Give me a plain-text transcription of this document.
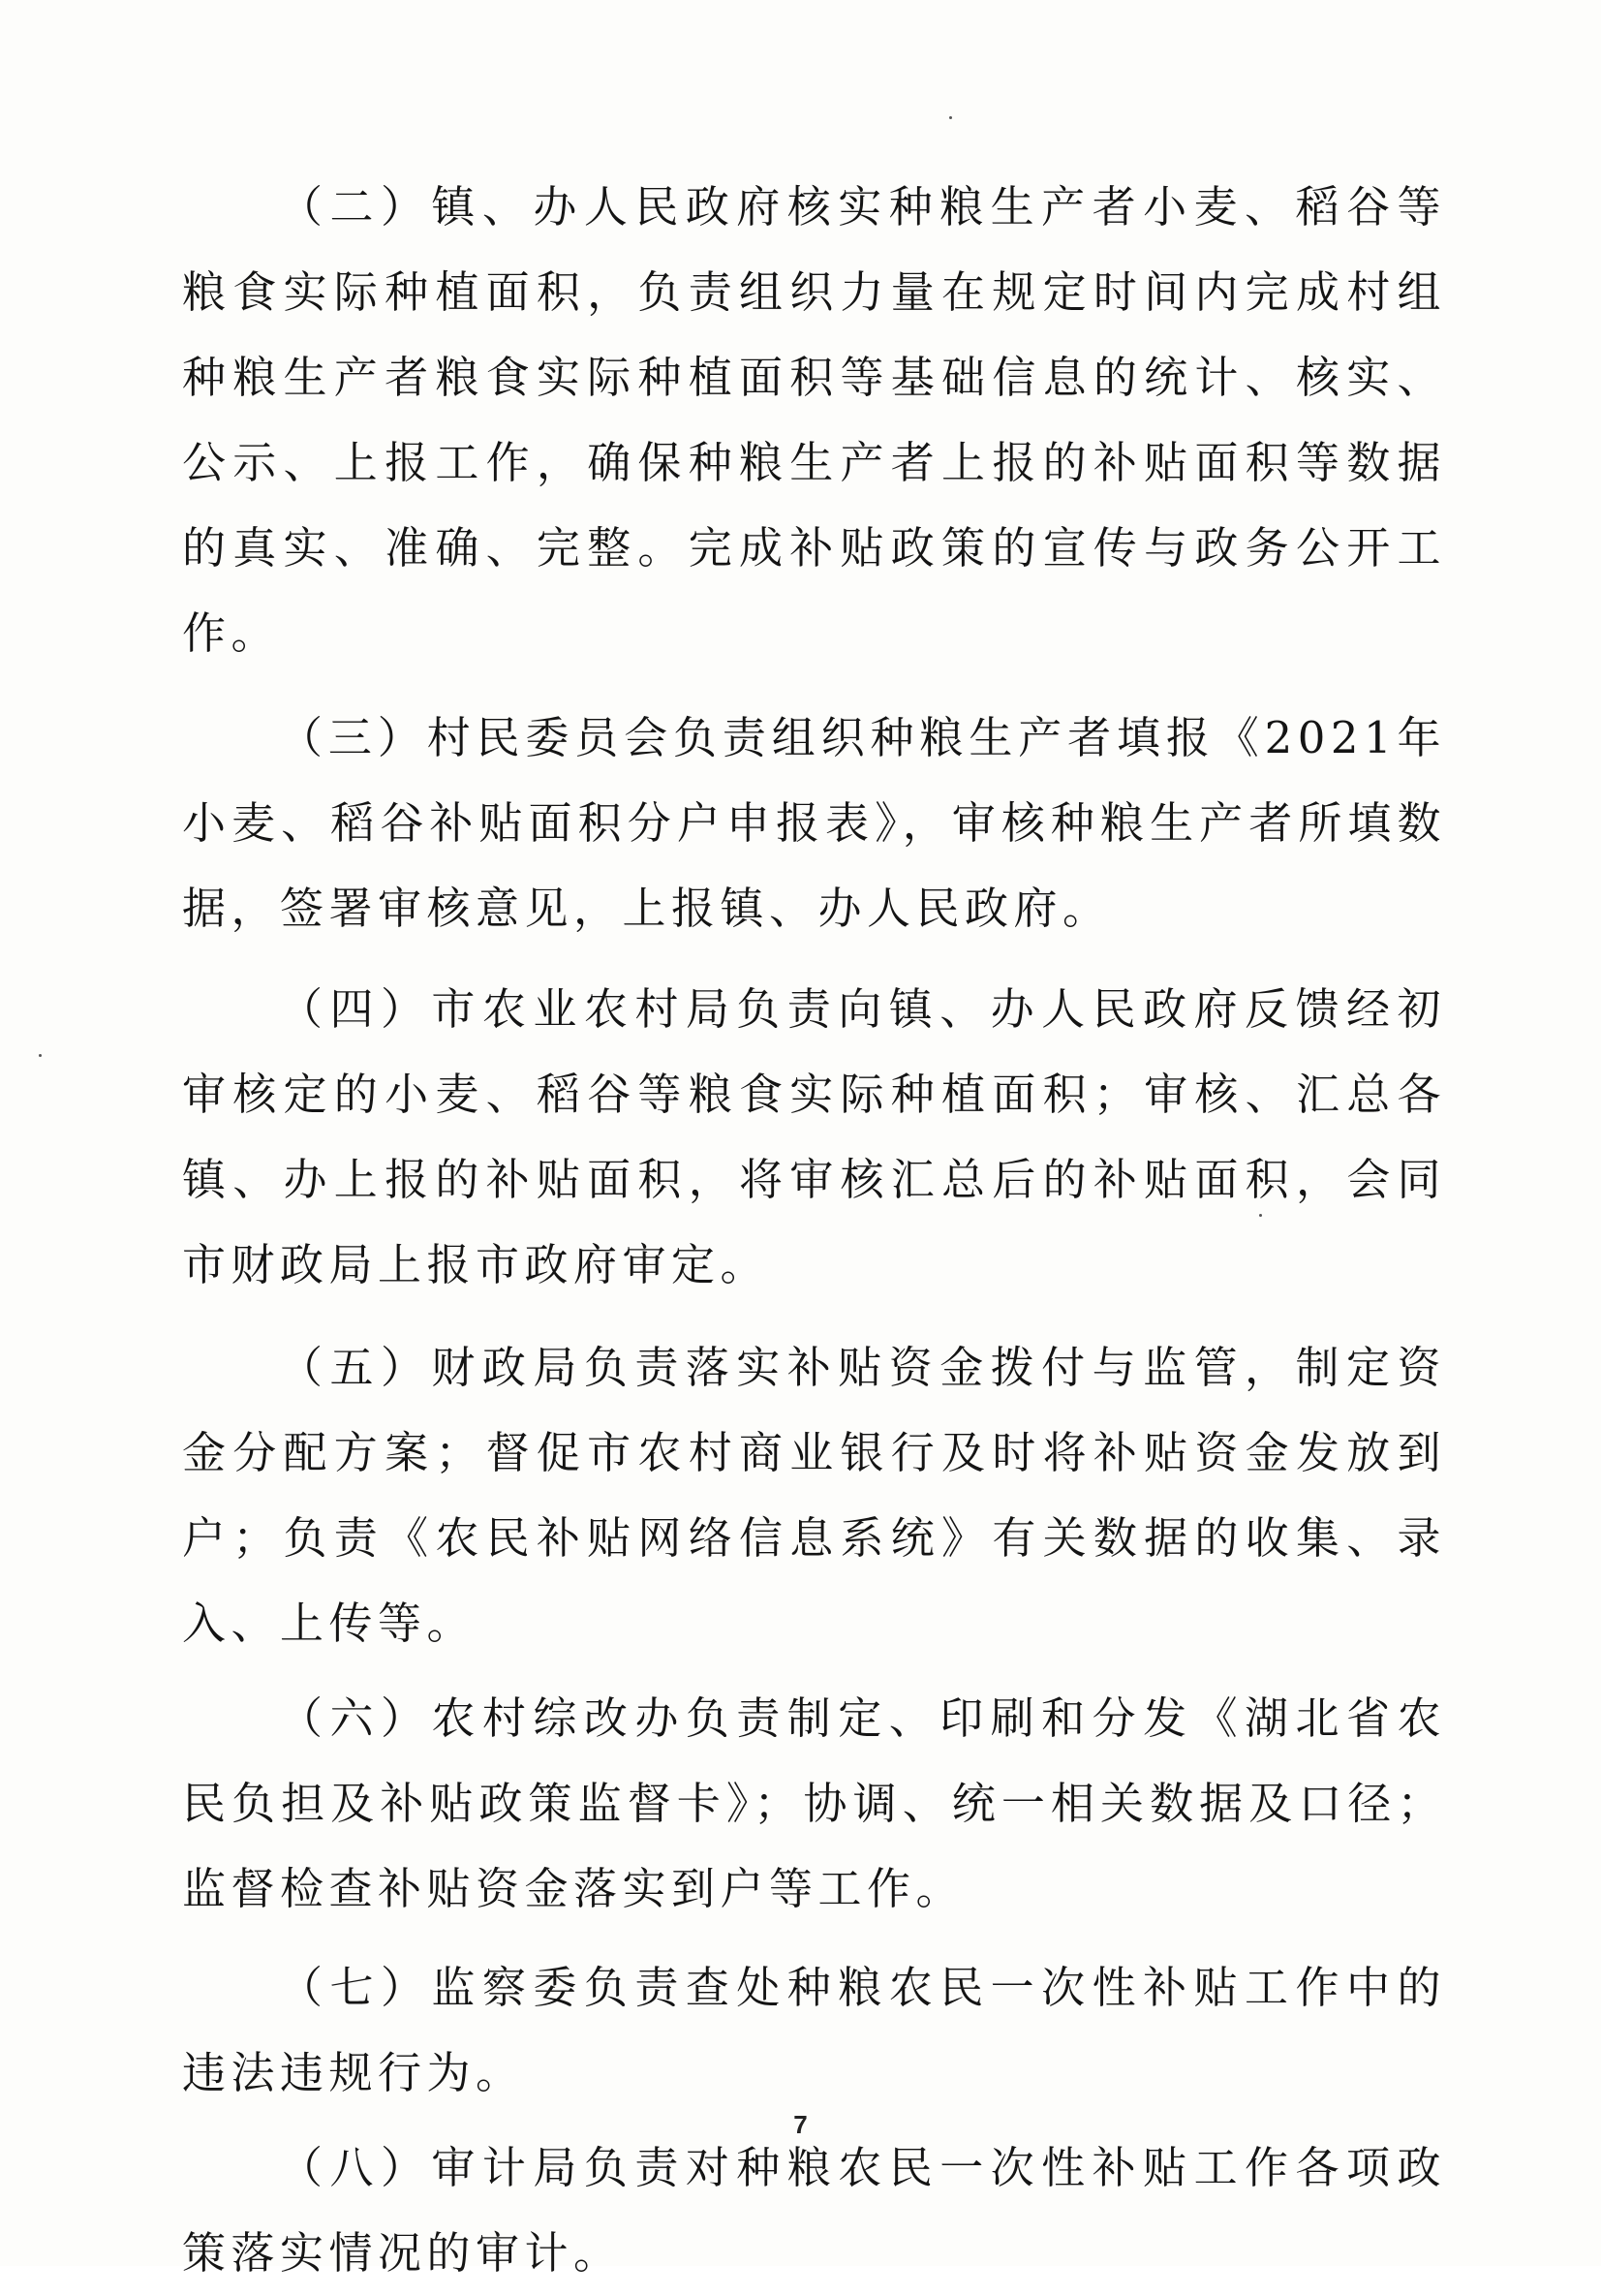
（二）镇、办人民政府核实种粮生产者小麦、稻谷等粮食实际种植面积，负责组织力量在规定时间内完成村组种粮生产者粮食实际种植面积等基础信息的统计、核实、公示、上报工作，确保种粮生产者上报的补贴面积等数据的真实、准确、完整。完成补贴政策的宣传与政务公开工作。

（三）村民委员会负责组织种粮生产者填报《2021年小麦、稻谷补贴面积分户申报表》，审核种粮生产者所填数据，签署审核意见，上报镇、办人民政府。

（四）市农业农村局负责向镇、办人民政府反馈经初审核定的小麦、稻谷等粮食实际种植面积；审核、汇总各镇、办上报的补贴面积，将审核汇总后的补贴面积，会同市财政局上报市政府审定。

（五）财政局负责落实补贴资金拨付与监管，制定资金分配方案；督促市农村商业银行及时将补贴资金发放到户；负责《农民补贴网络信息系统》有关数据的收集、录入、上传等。

（六）农村综改办负责制定、印刷和分发《湖北省农民负担及补贴政策监督卡》；协调、统一相关数据及口径；监督检查补贴资金落实到户等工作。

（七）监察委负责查处种粮农民一次性补贴工作中的违法违规行为。

（八）审计局负责对种粮农民一次性补贴工作各项政策落实情况的审计。

7
